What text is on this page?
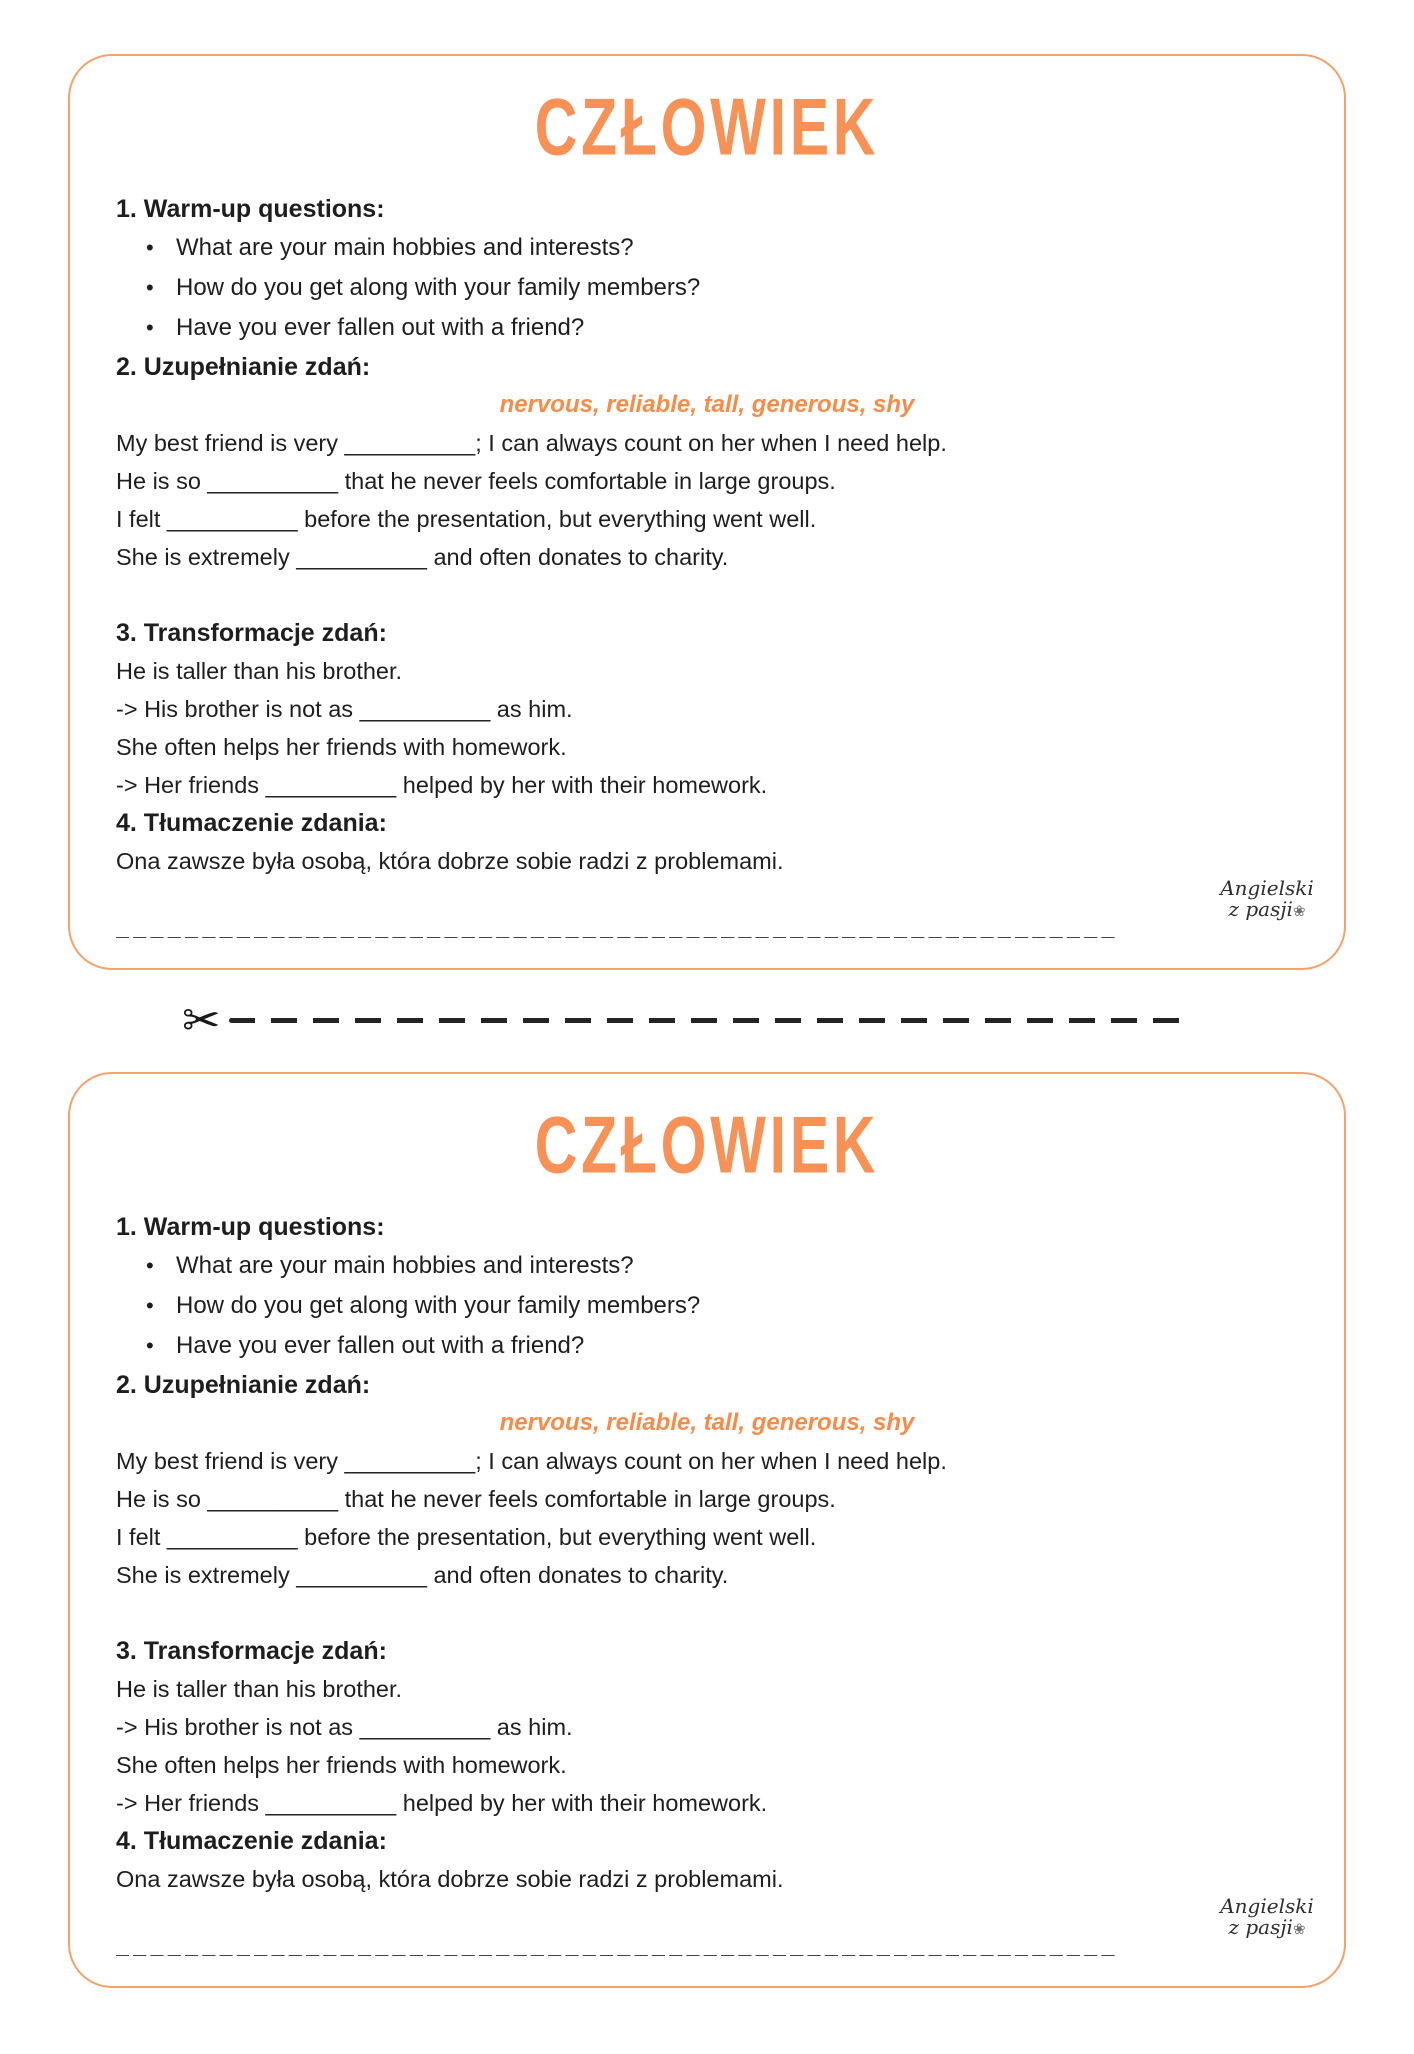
CZŁOWIEK
1. Warm-up questions:
• What are your main hobbies and interests?
• How do you get along with your family members?
• Have you ever fallen out with a friend?
2. Uzupełnianie zdań:
nervous, reliable, tall, generous, shy
My best friend is very __________; I can always count on her when I need help.
He is so __________ that he never feels comfortable in large groups.
I felt __________ before the presentation, but everything went well.
She is extremely __________ and often donates to charity.
3. Transformacje zdań:
He is taller than his brother.
-> His brother is not as __________ as him.
She often helps her friends with homework.
-> Her friends __________ helped by her with their homework.
4. Tłumaczenie zdania:
Ona zawsze była osobą, która dobrze sobie radzi z problemami.
__________________________________________________________
Angielski
z pasji❀
✂
CZŁOWIEK
1. Warm-up questions:
• What are your main hobbies and interests?
• How do you get along with your family members?
• Have you ever fallen out with a friend?
2. Uzupełnianie zdań:
nervous, reliable, tall, generous, shy
My best friend is very __________; I can always count on her when I need help.
He is so __________ that he never feels comfortable in large groups.
I felt __________ before the presentation, but everything went well.
She is extremely __________ and often donates to charity.
3. Transformacje zdań:
He is taller than his brother.
-> His brother is not as __________ as him.
She often helps her friends with homework.
-> Her friends __________ helped by her with their homework.
4. Tłumaczenie zdania:
Ona zawsze była osobą, która dobrze sobie radzi z problemami.
__________________________________________________________
Angielski
z pasji❀
